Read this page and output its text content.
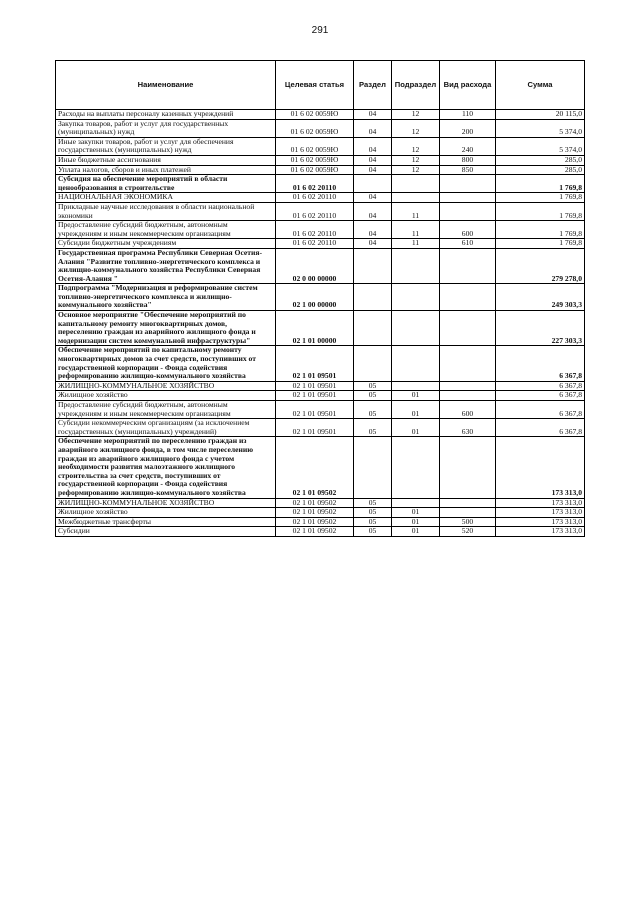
291
Наименование	Целевая статья	Раздел	Подраздел	Вид расхода	Сумма
Расходы на выплаты персоналу казенных учреждений	01 6 02 0059Ю	04	12	110	20 115,0
Закупка товаров, работ и услуг для государственных (муниципальных) нужд	01 6 02 0059Ю	04	12	200	5 374,0
Иные закупки товаров, работ и услуг для обеспечения государственных (муниципальных) нужд	01 6 02 0059Ю	04	12	240	5 374,0
Иные бюджетные ассигнования	01 6 02 0059Ю	04	12	800	285,0
Уплата налогов, сборов и иных платежей	01 6 02 0059Ю	04	12	850	285,0
Субсидия на обеспечение мероприятий в области ценообразования в строительстве	01 6 02 20110				1 769,8
НАЦИОНАЛЬНАЯ ЭКОНОМИКА	01 6 02 20110	04			1 769,8
Прикладные научные исследования в области национальной экономики	01 6 02 20110	04	11		1 769,8
Предоставление субсидий бюджетным, автономным учреждениям и иным некоммерческим организациям	01 6 02 20110	04	11	600	1 769,8
Субсидии бюджетным учреждениям	01 6 02 20110	04	11	610	1 769,8
Государственная программа Республики Северная Осетия-Алания "Развитие топливно-энергетического комплекса и жилищно-коммунального хозяйства Республики Северная Осетия-Алания "	02 0 00 00000				279 278,0
Подпрограмма "Модернизация и реформирование систем топливно-энергетического комплекса и жилищно-коммунального хозяйства"	02 1 00 00000				249 303,3
Основное мероприятие "Обеспечение мероприятий по капитальному ремонту многоквартирных домов, переселению граждан из аварийного жилищного фонда и модернизации систем коммунальной инфраструктуры"	02 1 01 00000				227 303,3
Обеспечение мероприятий по капитальному ремонту многоквартирных домов за счет средств, поступивших от государственной корпорации - Фонда содействия реформированию жилищно-коммунального хозяйства	02 1 01 09501				6 367,8
ЖИЛИЩНО-КОММУНАЛЬНОЕ ХОЗЯЙСТВО	02 1 01 09501	05			6 367,8
Жилищное хозяйство	02 1 01 09501	05	01		6 367,8
Предоставление субсидий бюджетным, автономным учреждениям и иным некоммерческим организациям	02 1 01 09501	05	01	600	6 367,8
Субсидии некоммерческим организациям (за исключением государственных (муниципальных) учреждений)	02 1 01 09501	05	01	630	6 367,8
Обеспечение мероприятий по переселению граждан из аварийного жилищного фонда, в том числе переселению граждан из аварийного жилищного фонда с учетом необходимости развития малоэтажного жилищного строительства за счет средств, поступивших от государственной корпорации - Фонда содействия реформированию жилищно-коммунального хозяйства	02 1 01 09502				173 313,0
ЖИЛИЩНО-КОММУНАЛЬНОЕ ХОЗЯЙСТВО	02 1 01 09502	05			173 313,0
Жилищное хозяйство	02 1 01 09502	05	01		173 313,0
Межбюджетные трансферты	02 1 01 09502	05	01	500	173 313,0
Субсидии	02 1 01 09502	05	01	520	173 313,0
